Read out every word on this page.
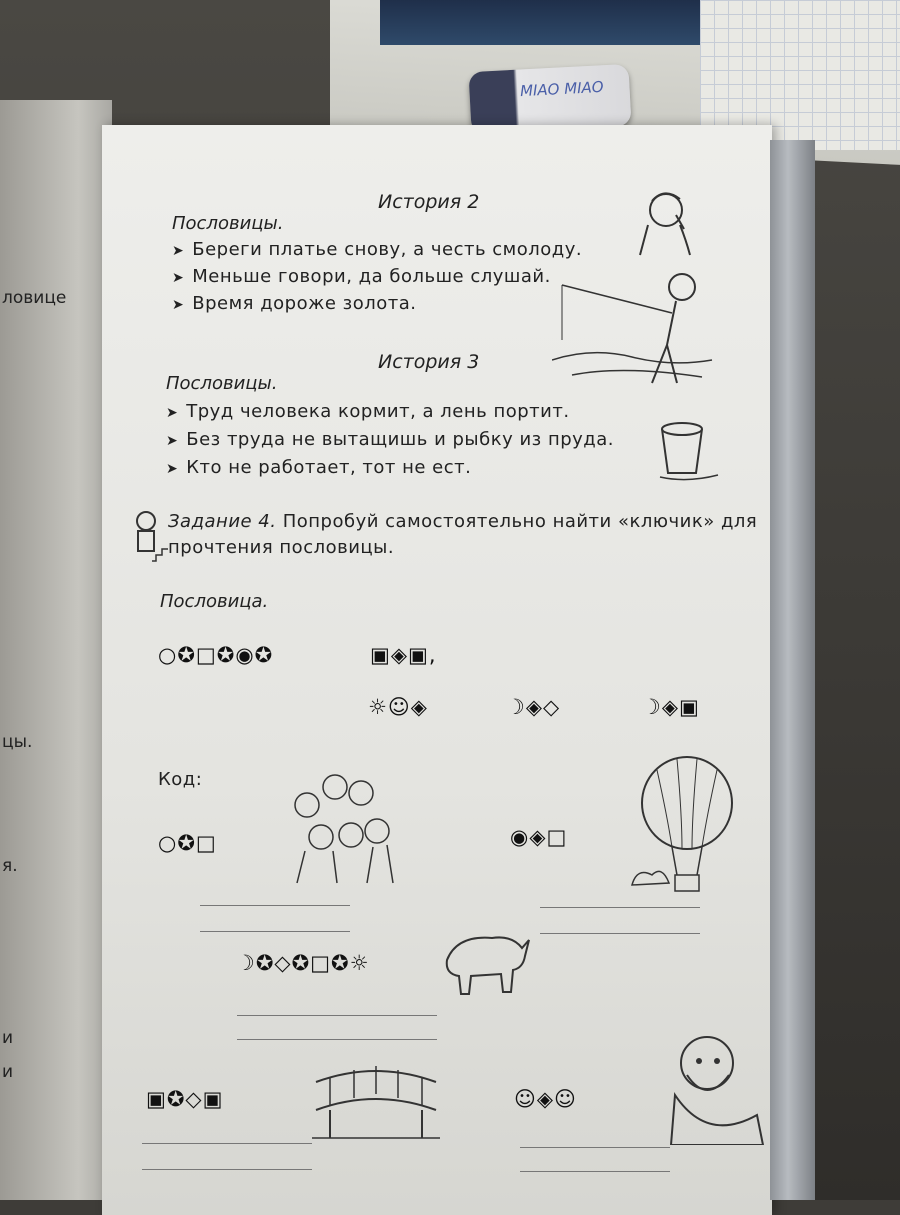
MIAO MIAO
ловице
цы.
я.
и
и
История 2
Пословицы.
➤ Береги платье снову, а честь смолоду.
➤ Меньше говори, да больше слушай.
➤ Время дороже золота.
История 3
Пословицы.
➤ Труд человека кормит, а лень портит.
➤ Без труда не вытащишь и рыбку из пруда.
➤ Кто не работает, тот не ест.
Задание 4. Попробуй самостоятельно найти «ключик» для
прочтения пословицы.
Пословица.
○✪□✪◉✪	▣◈▣,
☼☺◈	☽◈◇	☽◈▣
Код:
○✪□	◉◈□
☽✪◇✪□✪☼
▣✪◇▣	☺◈☺
